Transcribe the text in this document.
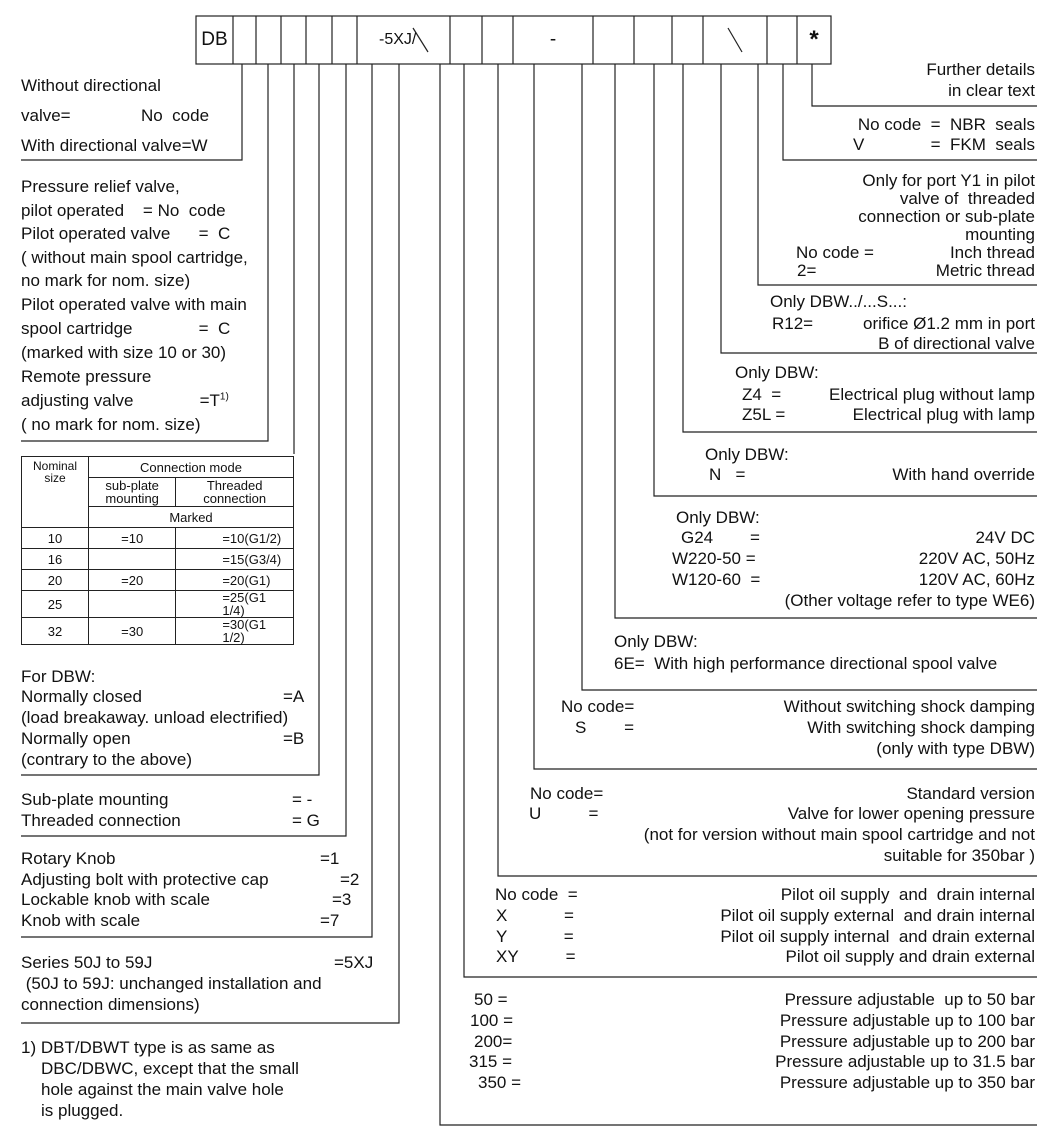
DB	-5XJ/	-	*
Without directional
valve=	No  code
With directional valve=W
Pressure relief valve,
pilot operated    = No  code
Pilot operated valve      =  C
( without main spool cartridge,
no mark for nom. size)
Pilot operated valve with main
spool cartridge              =  C
(marked with size 10 or 30)
Remote pressure
adjusting valve              $=T^{1)}$
( no mark for nom. size)
Nominal size	Connection mode	
	sub-plate mounting	Threaded connection
	Marked	
10	=10	=10(G1/2)
16		=15(G3/4)
20	=20	=20(G1)
25		=25(G1 1/4)
32	=30	=30(G1 1/2)
For DBW:
Normally closed	=A
(load breakaway. unload electrified)
Normally open	=B
(contrary to the above)
Sub-plate mounting	= -
Threaded connection	= G
Rotary Knob	=1
Adjusting bolt with protective cap	=2
Lockable knob with scale	=3
Knob with scale	=7
Series 50J to 59J	=5XJ
(50J to 59J: unchanged installation and
connection dimensions)
1) DBT/DBWT type is as same as
DBC/DBWC, except that the small
hole against the main valve hole
is plugged.
Further details
in clear text
No code  =  NBR  seals
V	=  FKM  seals
Only for port Y1 in pilot
valve of  threaded
connection or sub-plate
mounting
No code =	Inch thread
2=	Metric thread
Only DBW../...S...:
R12=	orifice Ø1.2 mm in port
B of directional valve
Only DBW:
Z4  =	Electrical plug without lamp
Z5L =	Electrical plug with lamp
Only DBW:
N   =	With hand override
Only DBW:
G24 =	24V DC
W220-50 =	220V AC, 50Hz
W120-60  =	120V AC, 60Hz
(Other voltage refer to type WE6)
Only DBW:
6E=  With high performance directional spool valve
No code=	Without switching shock damping
S        =	With switching shock damping
(only with type DBW)
No code=	Standard version
U          =	Valve for lower opening pressure
(not for version without main spool cartridge and not
suitable for 350bar )
No code  =	Pilot oil supply  and  drain internal
X            =	Pilot oil supply external  and drain internal
Y            =	Pilot oil supply internal  and drain external
XY          =	Pilot oil supply and drain external
50 =	Pressure adjustable  up to 50 bar
100 =	Pressure adjustable up to 100 bar
200=	Pressure adjustable up to 200 bar
315 =	Pressure adjustable up to 31.5 bar
350 =	Pressure adjustable up to 350 bar
